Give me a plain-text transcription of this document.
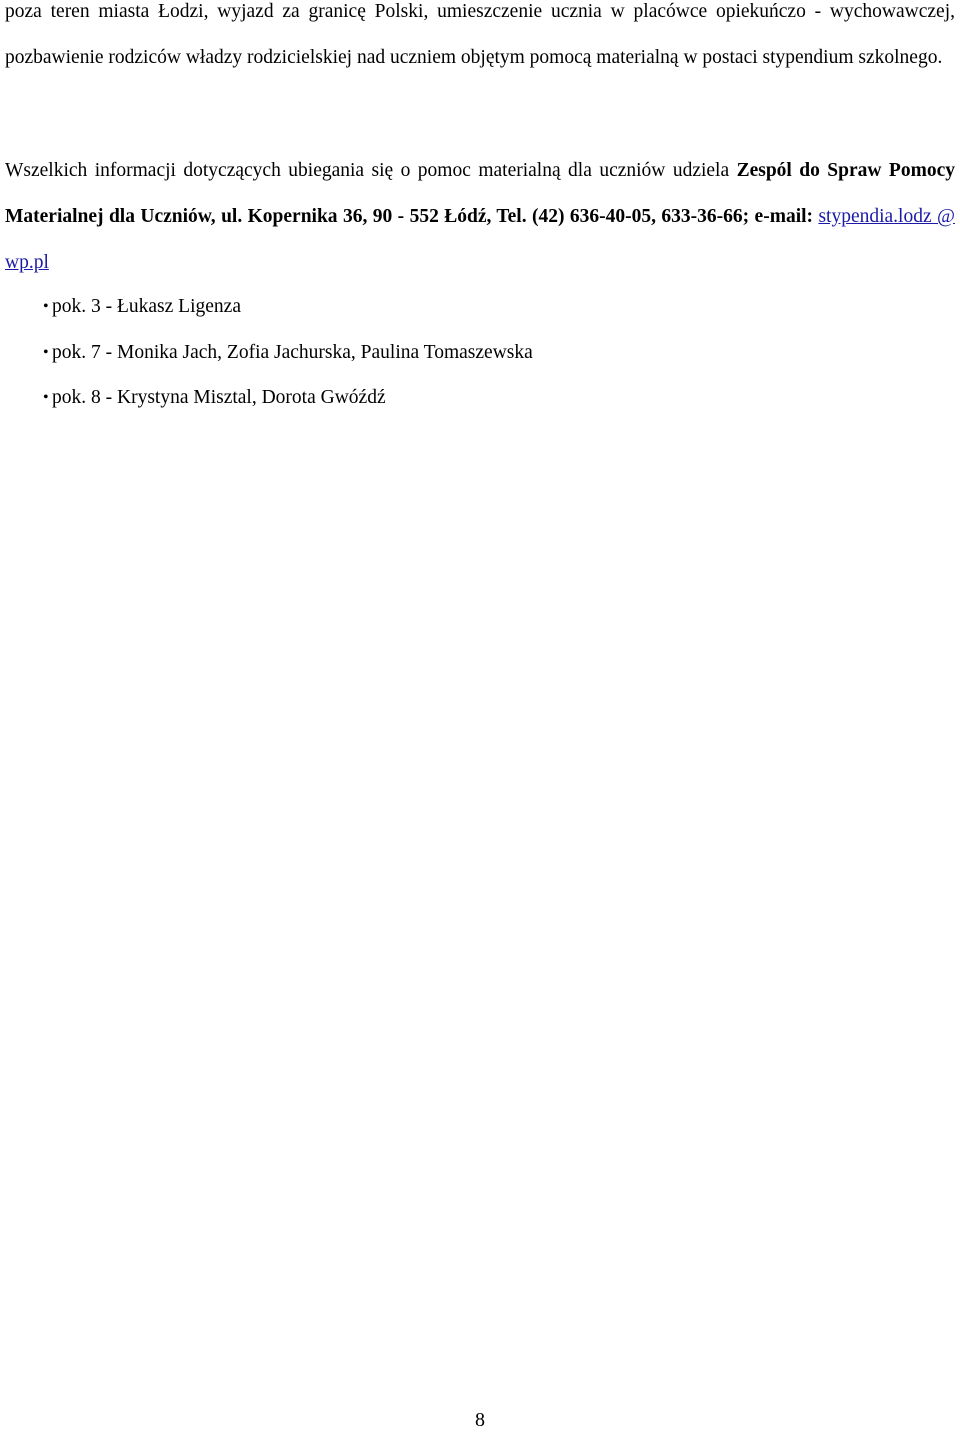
poza teren miasta Łodzi, wyjazd za granicę Polski, umieszczenie ucznia w placówce opiekuńczo - wychowawczej, pozbawienie rodziców władzy rodzicielskiej nad uczniem objętym pomocą materialną w postaci stypendium szkolnego.

Wszelkich informacji dotyczących ubiegania się o pomoc materialną dla uczniów udziela Zespól do Spraw Pomocy Materialnej dla Uczniów, ul. Kopernika 36, 90 - 552 Łódź, Tel. (42) 636-40-05, 633-36-66; e-mail: stypendia.lodz @ wp.pl

• pok. 3 - Łukasz Ligenza
• pok. 7 - Monika Jach, Zofia Jachurska, Paulina Tomaszewska
• pok. 8 - Krystyna Misztal, Dorota Gwóźdź
8
